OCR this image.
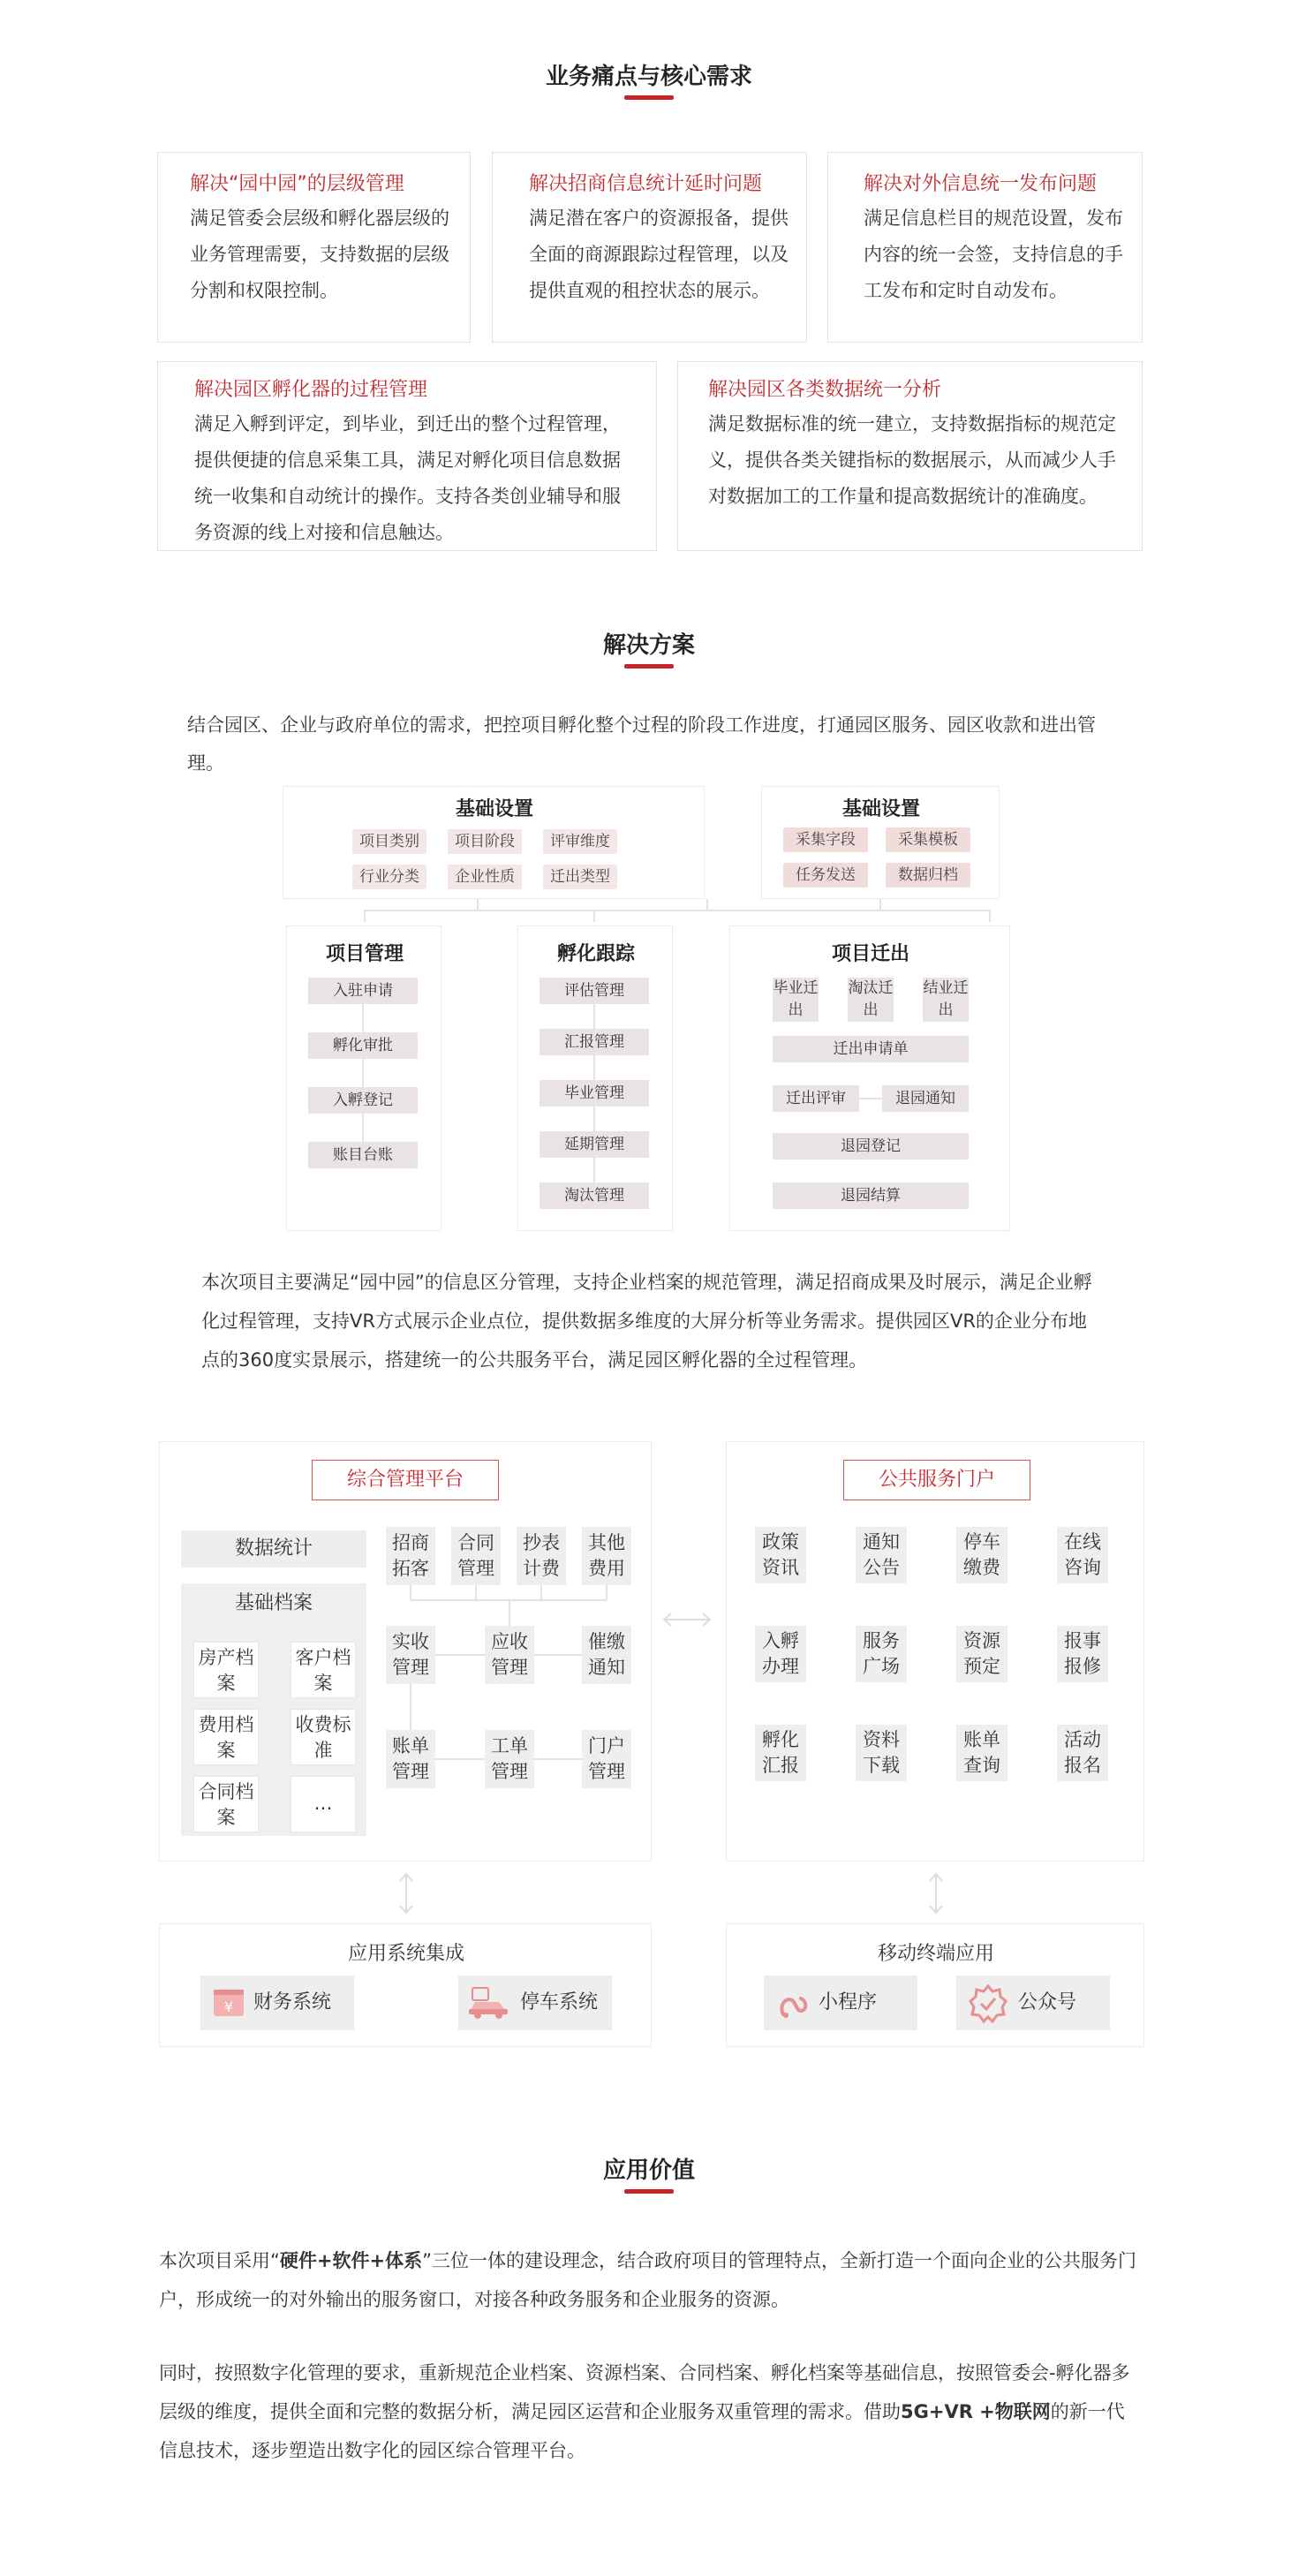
业务痛点与核心需求
解决“园中园”的层级管理
满足管委会层级和孵化器层级的业务管理需要，支持数据的层级分割和权限控制。
解决招商信息统计延时问题
满足潜在客户的资源报备，提供全面的商源跟踪过程管理，以及提供直观的租控状态的展示。
解决对外信息统一发布问题
满足信息栏目的规范设置，发布内容的统一会签，支持信息的手工发布和定时自动发布。
解决园区孵化器的过程管理
满足入孵到评定，到毕业，到迁出的整个过程管理，提供便捷的信息采集工具，满足对孵化项目信息数据统一收集和自动统计的操作。支持各类创业辅导和服务资源的线上对接和信息触达。
解决园区各类数据统一分析
满足数据标准的统一建立，支持数据指标的规范定义，提供各类关键指标的数据展示，从而减少人手对数据加工的工作量和提高数据统计的准确度。
解决方案
结合园区、企业与政府单位的需求，把控项目孵化整个过程的阶段工作进度，打通园区服务、园区收款和进出管理。
基础设置
项目类别	项目阶段	评审维度
行业分类	企业性质	迁出类型
基础设置
采集字段	采集模板
任务发送	数据归档
项目管理
入驻申请
孵化审批
入孵登记
账目台账
孵化跟踪
评估管理
汇报管理
毕业管理
延期管理
淘汰管理
项目迁出
毕业迁出
淘汰迁出
结业迁出
迁出申请单
迁出评审	退园通知
退园登记
退园结算
本次项目主要满足“园中园”的信息区分管理，支持企业档案的规范管理，满足招商成果及时展示，满足企业孵化过程管理，支持VR方式展示企业点位，提供数据多维度的大屏分析等业务需求。提供园区VR的企业分布地点的360度实景展示，搭建统一的公共服务平台，满足园区孵化器的全过程管理。
综合管理平台
数据统计
基础档案
房产档案
客户档案
费用档案
收费标准
合同档案
…
招商拓客
合同管理
抄表计费
其他费用
实收管理
应收管理
催缴通知
账单管理
工单管理
门户管理
公共服务门户
政策资讯
通知公告
停车缴费
在线咨询
入孵办理
服务广场
资源预定
报事报修
孵化汇报
资料下载
账单查询
活动报名
应用系统集成
¥ 财务系统	停车系统
移动终端应用
小程序	公众号
应用价值
本次项目采用“硬件+软件+体系”三位一体的建设理念，结合政府项目的管理特点，全新打造一个面向企业的公共服务门户，形成统一的对外输出的服务窗口，对接各种政务服务和企业服务的资源。
同时，按照数字化管理的要求，重新规范企业档案、资源档案、合同档案、孵化档案等基础信息，按照管委会-孵化器多层级的维度，提供全面和完整的数据分析，满足园区运营和企业服务双重管理的需求。借助5G+VR +物联网的新一代信息技术，逐步塑造出数字化的园区综合管理平台。
